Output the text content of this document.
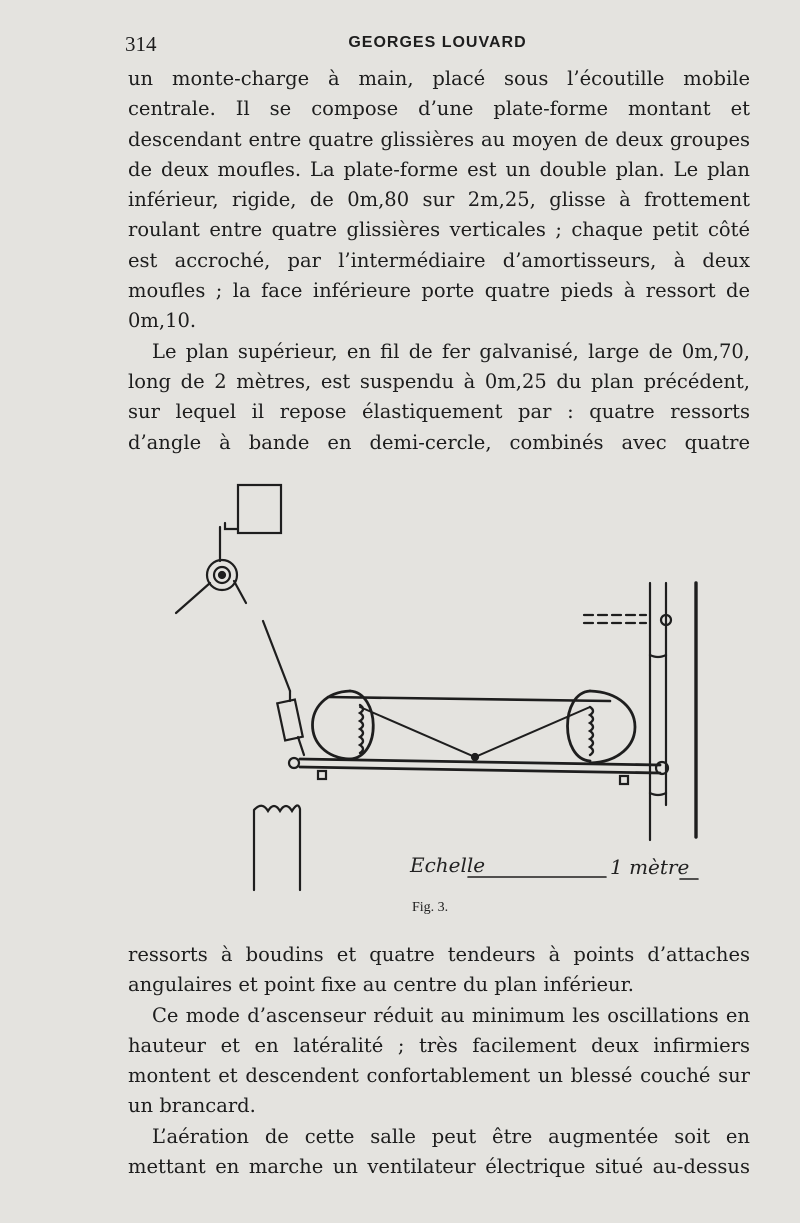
314	GEORGES LOUVARD

un monte-charge à main, placé sous l’écoutille mobile centrale. Il se compose d’une plate-forme montant et descendant entre quatre glissières au moyen de deux groupes de deux moufles. La plate-forme est un double plan. Le plan inférieur, rigide, de 0m,80 sur 2m,25, glisse à frottement roulant entre quatre glissières verticales ; chaque petit côté est accroché, par l’intermédiaire d’amortisseurs, à deux moufles ; la face inférieure porte quatre pieds à ressort de 0m,10.

Le plan supérieur, en fil de fer galvanisé, large de 0m,70, long de 2 mètres, est suspendu à 0m,25 du plan précédent, sur lequel il repose élastiquement par : quatre ressorts d’angle à bande en demi-cercle, combinés avec quatre

Echelle	1 mètre
Fig. 3.

ressorts à boudins et quatre tendeurs à points d’attaches angulaires et point fixe au centre du plan inférieur.

Ce mode d’ascenseur réduit au minimum les oscillations en hauteur et en latéralité ; très facilement deux infirmiers montent et descendent confortablement un blessé couché sur un brancard.

L’aération de cette salle peut être augmentée soit en mettant en marche un ventilateur électrique situé au-dessus
